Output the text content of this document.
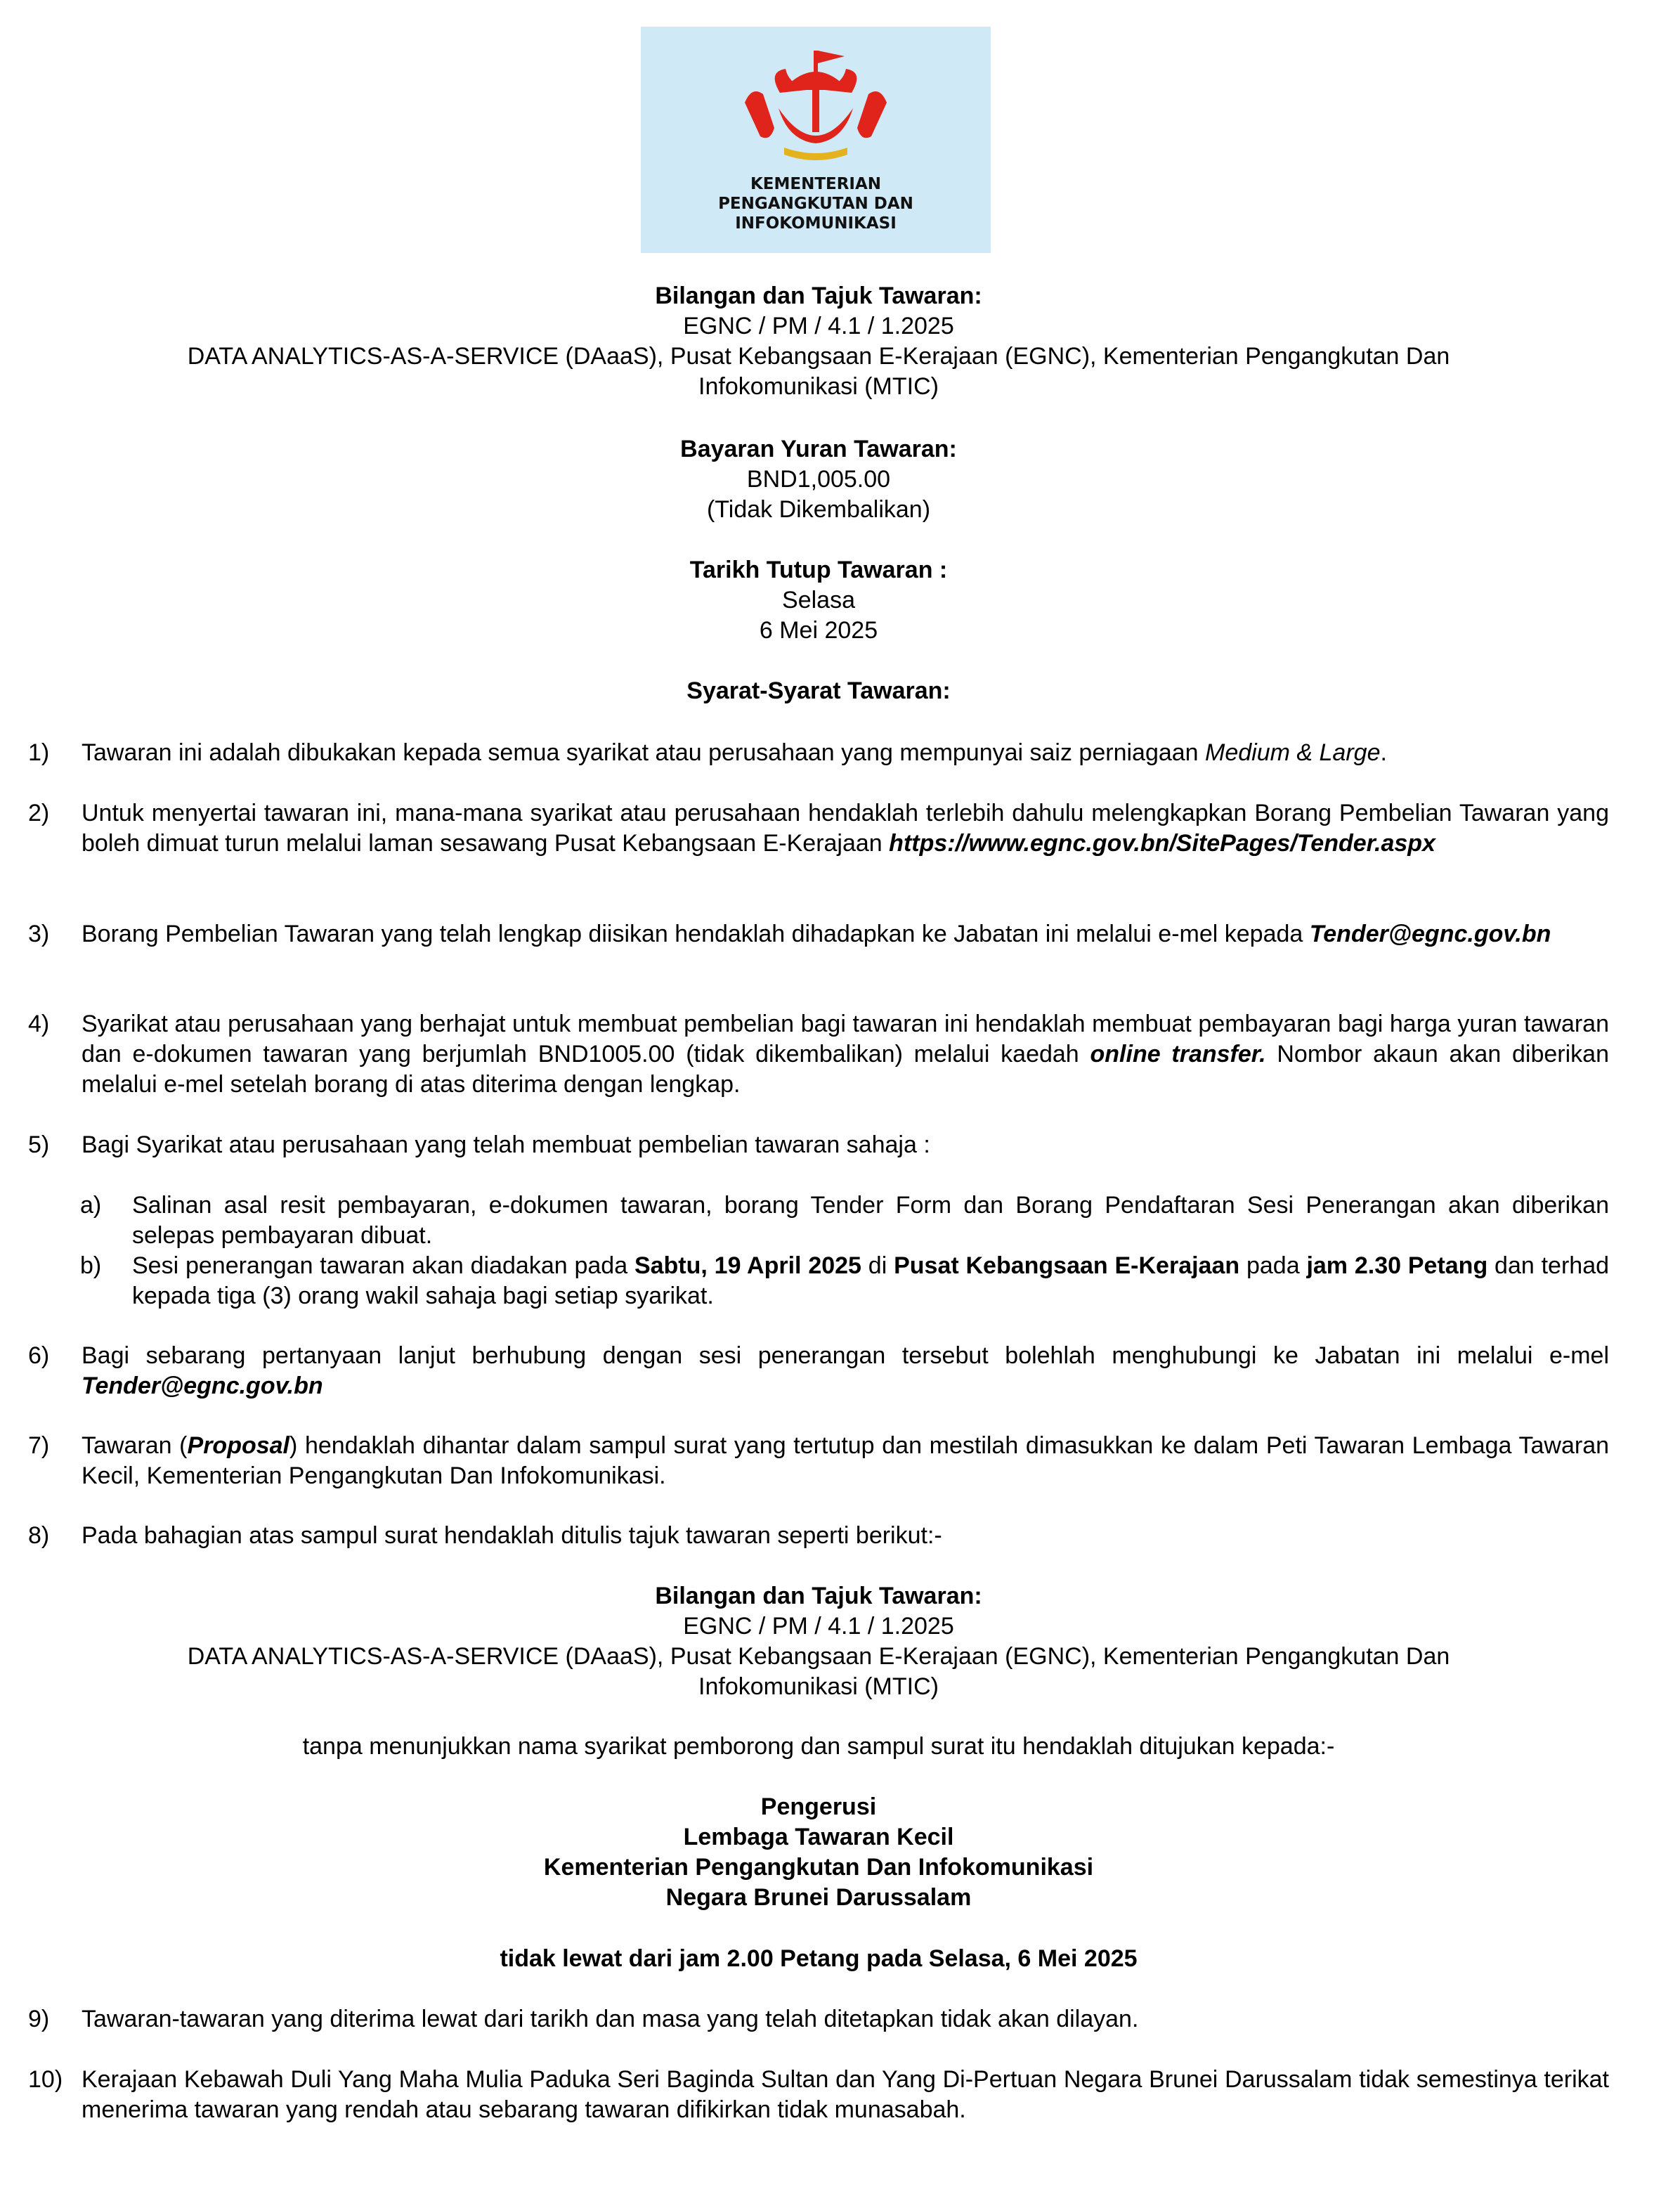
KEMENTERIAN
PENGANGKUTAN DAN
INFOKOMUNIKASI
Bilangan dan Tajuk Tawaran:
EGNC / PM / 4.1 / 1.2025
DATA ANALYTICS-AS-A-SERVICE (DAaaS), Pusat Kebangsaan E-Kerajaan (EGNC), Kementerian Pengangkutan Dan
Infokomunikasi (MTIC)
Bayaran Yuran Tawaran:
BND1,005.00
(Tidak Dikembalikan)
Tarikh Tutup Tawaran :
Selasa
6 Mei 2025
Syarat-Syarat Tawaran:
1)	Tawaran ini adalah dibukakan kepada semua syarikat atau perusahaan yang mempunyai saiz perniagaan Medium & Large.
2)	Untuk menyertai tawaran ini, mana-mana syarikat atau perusahaan hendaklah terlebih dahulu melengkapkan Borang Pembelian Tawaran yang boleh dimuat turun melalui laman sesawang Pusat Kebangsaan E-Kerajaan https://www.egnc.gov.bn/SitePages/Tender.aspx
3)	Borang Pembelian Tawaran yang telah lengkap diisikan hendaklah dihadapkan ke Jabatan ini melalui e-mel kepada Tender@egnc.gov.bn
4)	Syarikat atau perusahaan yang berhajat untuk membuat pembelian bagi tawaran ini hendaklah membuat pembayaran bagi harga yuran tawaran dan e-dokumen tawaran yang berjumlah BND1005.00 (tidak dikembalikan) melalui kaedah online transfer. Nombor akaun akan diberikan melalui e-mel setelah borang di atas diterima dengan lengkap.
5)	Bagi Syarikat atau perusahaan yang telah membuat pembelian tawaran sahaja :
a)	Salinan asal resit pembayaran, e-dokumen tawaran, borang Tender Form dan Borang Pendaftaran Sesi Penerangan akan diberikan selepas pembayaran dibuat.
b)	Sesi penerangan tawaran akan diadakan pada Sabtu, 19 April 2025 di Pusat Kebangsaan E-Kerajaan pada jam 2.30 Petang dan terhad kepada tiga (3) orang wakil sahaja bagi setiap syarikat.
6)	Bagi sebarang pertanyaan lanjut berhubung dengan sesi penerangan tersebut bolehlah menghubungi ke Jabatan ini melalui e-mel Tender@egnc.gov.bn
7)	Tawaran (Proposal) hendaklah dihantar dalam sampul surat yang tertutup dan mestilah dimasukkan ke dalam Peti Tawaran Lembaga Tawaran Kecil, Kementerian Pengangkutan Dan Infokomunikasi.
8)	Pada bahagian atas sampul surat hendaklah ditulis tajuk tawaran seperti berikut:-
Bilangan dan Tajuk Tawaran:
EGNC / PM / 4.1 / 1.2025
DATA ANALYTICS-AS-A-SERVICE (DAaaS), Pusat Kebangsaan E-Kerajaan (EGNC), Kementerian Pengangkutan Dan
Infokomunikasi (MTIC)
tanpa menunjukkan nama syarikat pemborong dan sampul surat itu hendaklah ditujukan kepada:-
Pengerusi
Lembaga Tawaran Kecil
Kementerian Pengangkutan Dan Infokomunikasi
Negara Brunei Darussalam
tidak lewat dari jam 2.00 Petang pada Selasa, 6 Mei 2025
9)	Tawaran-tawaran yang diterima lewat dari tarikh dan masa yang telah ditetapkan tidak akan dilayan.
10) Kerajaan Kebawah Duli Yang Maha Mulia Paduka Seri Baginda Sultan dan Yang Di-Pertuan Negara Brunei Darussalam tidak semestinya terikat menerima tawaran yang rendah atau sebarang tawaran difikirkan tidak munasabah.
